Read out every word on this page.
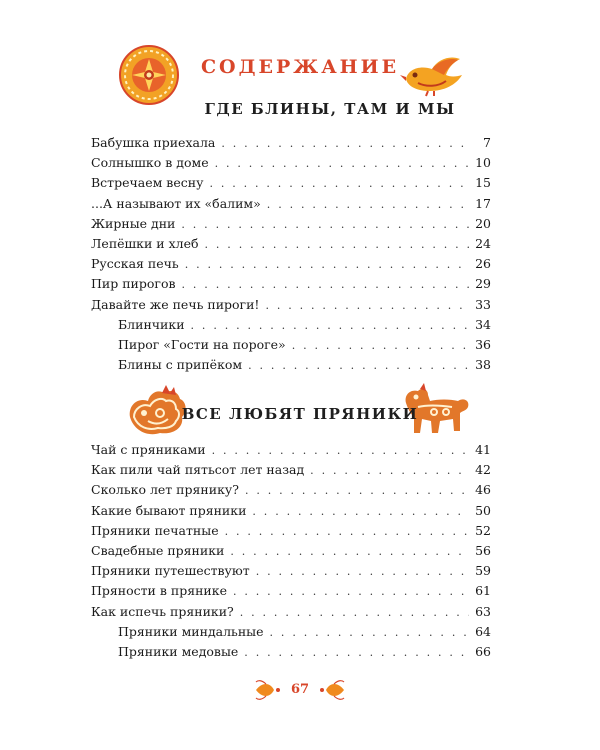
СОДЕРЖАНИЕ
ГДЕ БЛИНЫ, ТАМ И МЫ
Бабушка приехала . . .	7
Солнышко в доме . . .	10
Встречаем весну . . .	15
...А называют их «балим» . . .	17
Жирные дни . . .	20
Лепёшки и хлеб . . .	24
Русская печь . . .	26
Пир пирогов . . .	29
Давайте же печь пироги! . . .	33
Блинчики . . .	34
Пирог «Гости на пороге» . . .	36
Блины с припёком . . .	38
ВСЕ ЛЮБЯТ ПРЯНИКИ
Чай с пряниками . . .	41
Как пили чай пятьсот лет назад . . .	42
Сколько лет прянику? . . .	46
Какие бывают пряники . . .	50
Пряники печатные . . .	52
Свадебные пряники . . .	56
Пряники путешествуют . . .	59
Пряности в прянике . . .	61
Как испечь пряники? . . .	63
Пряники миндальные . . .	64
Пряники медовые . . .	66
67
